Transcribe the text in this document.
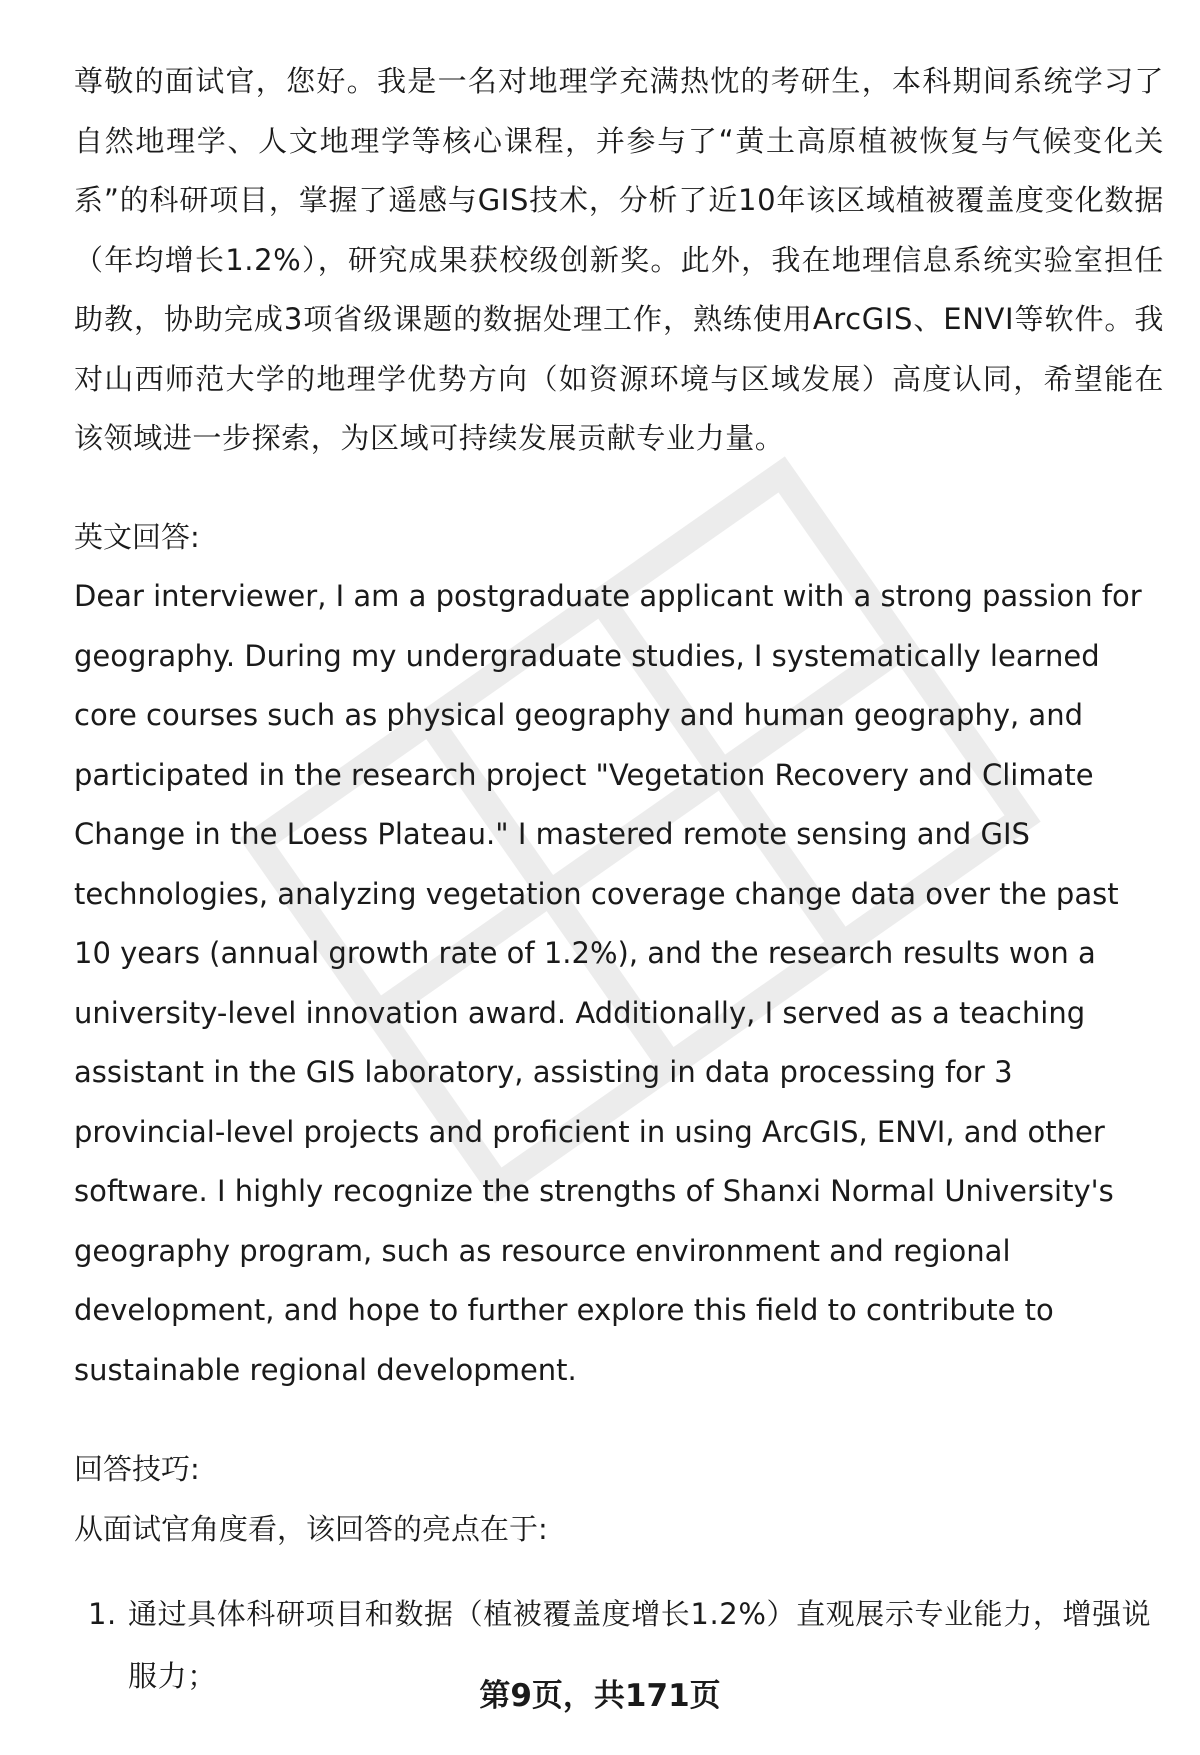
尊敬的面试官，您好。我是一名对地理学充满热忱的考研生，本科期间系统学习了自然地理学、人文地理学等核心课程，并参与了“黄土高原植被恢复与气候变化关系”的科研项目，掌握了遥感与GIS技术，分析了近10年该区域植被覆盖度变化数据（年均增长1.2%），研究成果获校级创新奖。此外，我在地理信息系统实验室担任助教，协助完成3项省级课题的数据处理工作，熟练使用ArcGIS、ENVI等软件。我对山西师范大学的地理学优势方向（如资源环境与区域发展）高度认同，希望能在该领域进一步探索，为区域可持续发展贡献专业力量。

英文回答:

Dear interviewer, I am a postgraduate applicant with a strong passion for geography. During my undergraduate studies, I systematically learned core courses such as physical geography and human geography, and participated in the research project "Vegetation Recovery and Climate Change in the Loess Plateau." I mastered remote sensing and GIS technologies, analyzing vegetation coverage change data over the past 10 years (annual growth rate of 1.2%), and the research results won a university-level innovation award. Additionally, I served as a teaching assistant in the GIS laboratory, assisting in data processing for 3 provincial-level projects and proficient in using ArcGIS, ENVI, and other software. I highly recognize the strengths of Shanxi Normal University's geography program, such as resource environment and regional development, and hope to further explore this field to contribute to sustainable regional development.

回答技巧:

从面试官角度看，该回答的亮点在于:

1. 通过具体科研项目和数据（植被覆盖度增长1.2%）直观展示专业能力，增强说服力；
第9页，共171页
